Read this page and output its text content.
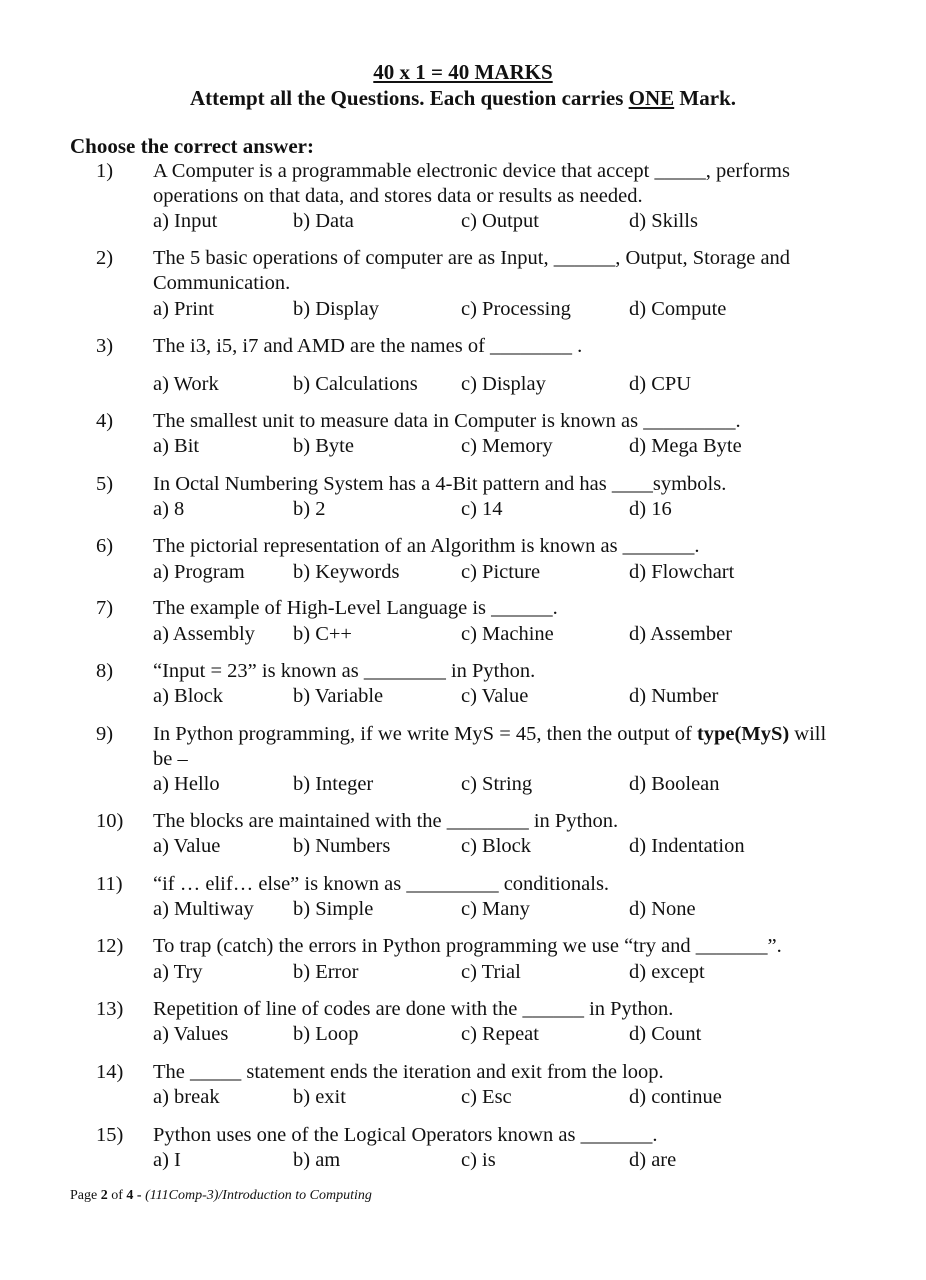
40 x 1 = 40 MARKS
Attempt all the Questions. Each question carries ONE Mark.
Choose the correct answer:
1) A Computer is a programmable electronic device that accept _____, performs operations on that data, and stores data or results as needed.
a) Input	b) Data	c) Output	d) Skills
2) The 5 basic operations of computer are as Input, ______, Output, Storage and Communication.
a) Print	b) Display	c) Processing	d) Compute
3) The i3, i5, i7 and AMD are the names of ________ .
a) Work	b) Calculations c) Display	d) CPU
4) The smallest unit to measure data in Computer is known as _________.
a) Bit	b) Byte	c) Memory	d) Mega Byte
5) In Octal Numbering System has a 4-Bit pattern and has ____symbols.
a) 8	b) 2	c) 14	d) 16
6) The pictorial representation of an Algorithm is known as _______.
a) Program b) Keywords	c) Picture	d) Flowchart
7) The example of High-Level Language is ______.
a) Assembly b) C++	c) Machine	d) Assember
8) “Input = 23” is known as ________ in Python.
a) Block	b) Variable	c) Value	d) Number
9) In Python programming, if we write MyS = 45, then the output of type(MyS) will be –
a) Hello	b) Integer	c) String	d) Boolean
10) The blocks are maintained with the ________ in Python.
a) Value	b) Numbers	c) Block	d) Indentation
11) “if … elif… else” is known as _________ conditionals.
a) Multiway b) Simple	c) Many	d) None
12) To trap (catch) the errors in Python programming we use “try and _______”.
a) Try	b) Error	c) Trial	d) except
13) Repetition of line of codes are done with the ______ in Python.
a) Values	b) Loop	c) Repeat	d) Count
14) The _____ statement ends the iteration and exit from the loop.
a) break	b) exit	c) Esc	d) continue
15) Python uses one of the Logical Operators known as _______.
a) I	b) am	c) is	d) are
Page 2 of 4 - (111Comp-3)/Introduction to Computing
